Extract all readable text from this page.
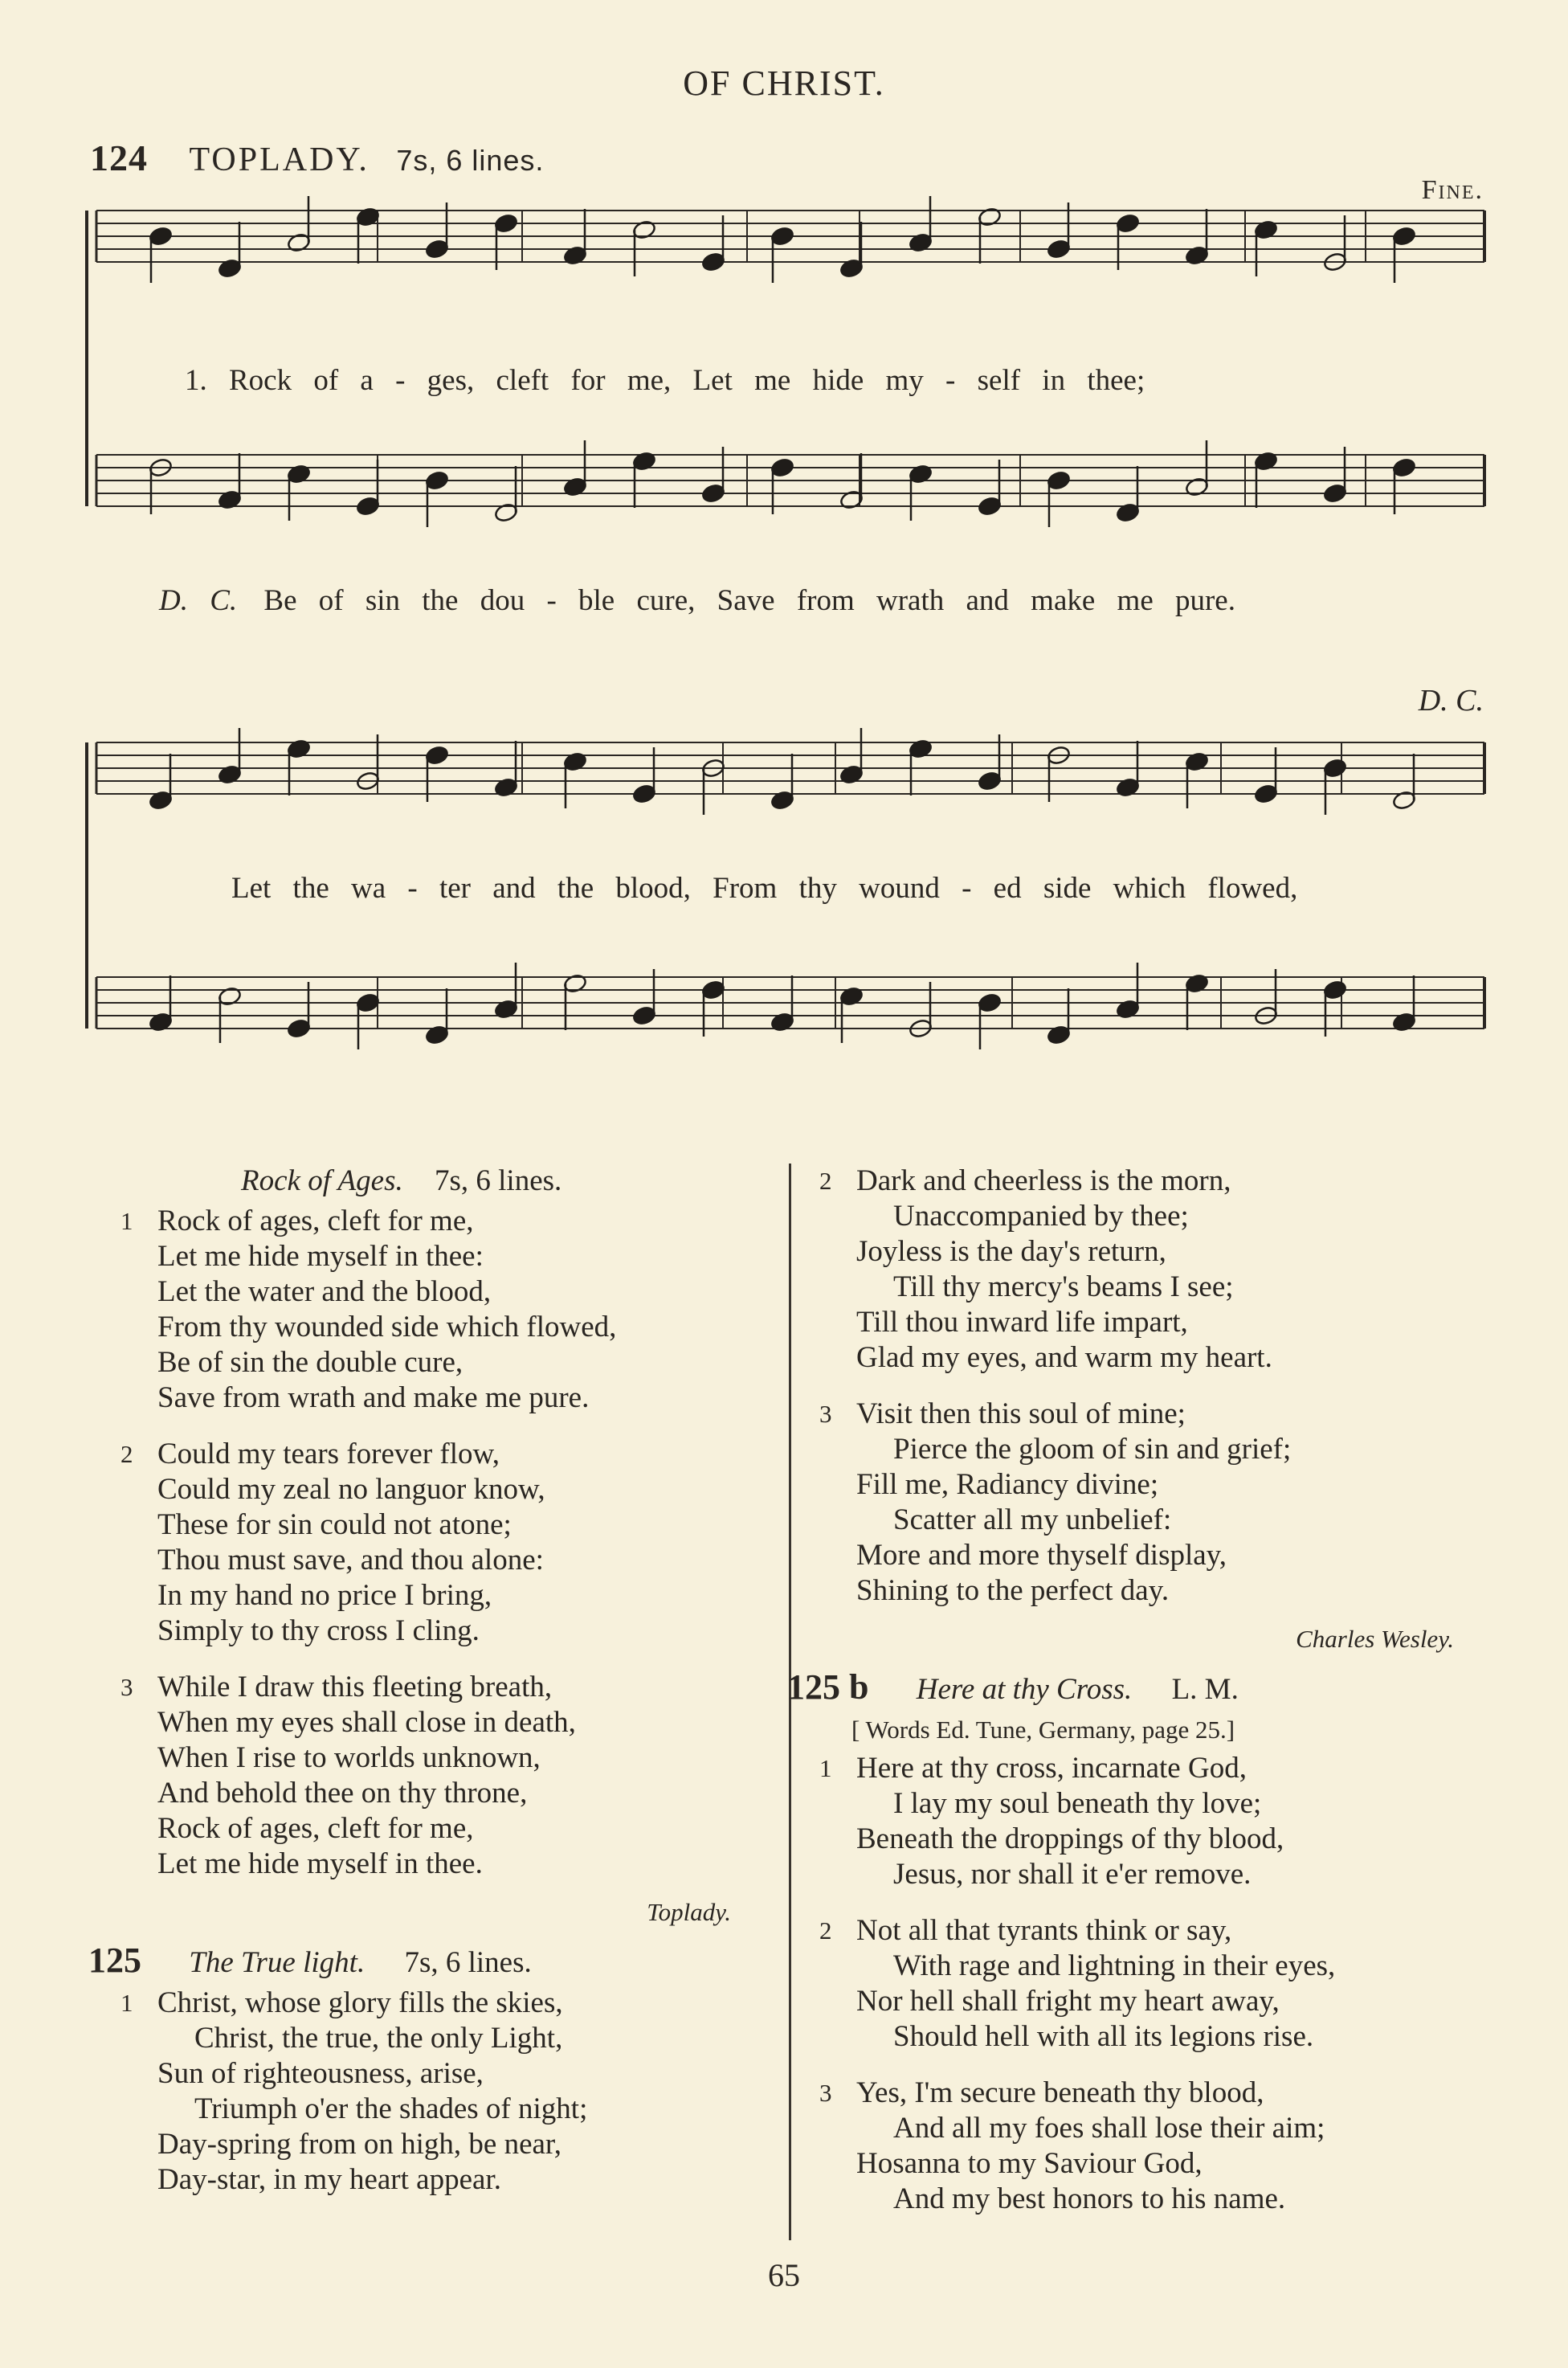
OF CHRIST.
124 TOPLADY. 7s, 6 lines.
Fine.
D. C.
1. Rock of a - ges, cleft for me, Let me hide my - self in thee;
D. C. Be of sin the dou - ble cure, Save from wrath and make me pure.
Let the wa - ter and the blood, From thy wound - ed side which flowed,
Rock of Ages. 7s, 6 lines.
1 Rock of ages, cleft for me,
Let me hide myself in thee:
Let the water and the blood,
From thy wounded side which flowed,
Be of sin the double cure,
Save from wrath and make me pure.
2 Could my tears forever flow,
Could my zeal no languor know,
These for sin could not atone;
Thou must save, and thou alone:
In my hand no price I bring,
Simply to thy cross I cling.
3 While I draw this fleeting breath,
When my eyes shall close in death,
When I rise to worlds unknown,
And behold thee on thy throne,
Rock of ages, cleft for me,
Let me hide myself in thee.
Toplady.
125 The True light. 7s, 6 lines.
1 Christ, whose glory fills the skies,
Christ, the true, the only Light,
Sun of righteousness, arise,
Triumph o'er the shades of night;
Day-spring from on high, be near,
Day-star, in my heart appear.
2 Dark and cheerless is the morn,
Unaccompanied by thee;
Joyless is the day's return,
Till thy mercy's beams I see;
Till thou inward life impart,
Glad my eyes, and warm my heart.
3 Visit then this soul of mine;
Pierce the gloom of sin and grief;
Fill me, Radiancy divine;
Scatter all my unbelief:
More and more thyself display,
Shining to the perfect day.
Charles Wesley.
125 b Here at thy Cross. L. M.
[ Words Ed. Tune, Germany, page 25.]
1 Here at thy cross, incarnate God,
I lay my soul beneath thy love;
Beneath the droppings of thy blood,
Jesus, nor shall it e'er remove.
2 Not all that tyrants think or say,
With rage and lightning in their eyes,
Nor hell shall fright my heart away,
Should hell with all its legions rise.
3 Yes, I'm secure beneath thy blood,
And all my foes shall lose their aim;
Hosanna to my Saviour God,
And my best honors to his name.
65
